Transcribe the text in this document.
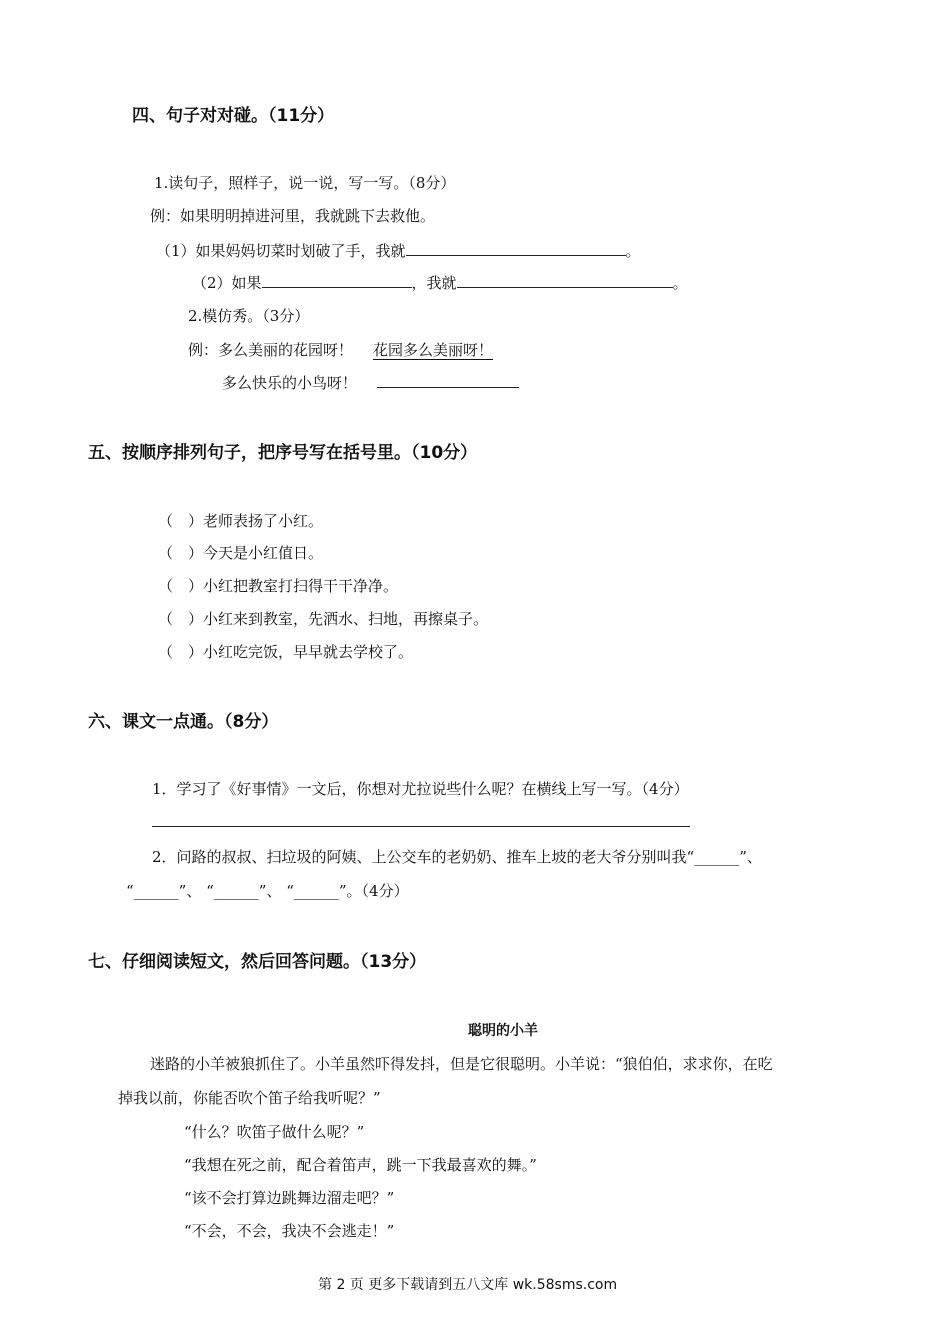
四、句子对对碰。（11分）
1.读句子，照样子，说一说，写一写。（8分）
例：如果明明掉进河里，我就跳下去救他。
（1）如果妈妈切菜时划破了手，我就	。
（2）如果	，我就	。
2.模仿秀。（3分）
例：多么美丽的花园呀！ 花园多么美丽呀！
多么快乐的小鸟呀！
五、按顺序排列句子，把序号写在括号里。（10分）
（　）老师表扬了小红。
（　）今天是小红值日。
（　）小红把教室打扫得干干净净。
（　）小红来到教室，先洒水、扫地，再擦桌子。
（　）小红吃完饭，早早就去学校了。
六、课文一点通。（8分）
1．学习了《好事情》一文后，你想对尤拉说些什么呢？在横线上写一写。（4分）
2．问路的叔叔、扫垃圾的阿姨、上公交车的老奶奶、推车上坡的老大爷分别叫我“______”、
“______”、 “______”、 “______”。（4分）
七、仔细阅读短文，然后回答问题。（13分）
聪明的小羊
迷路的小羊被狼抓住了。小羊虽然吓得发抖，但是它很聪明。小羊说：“狼伯伯，求求你，在吃
掉我以前，你能否吹个笛子给我听呢？”
“什么？吹笛子做什么呢？”
“我想在死之前，配合着笛声，跳一下我最喜欢的舞。”
“该不会打算边跳舞边溜走吧？”
“不会，不会，我决不会逃走！”
第 2 页 更多下载请到五八文库 wk.58sms.com
